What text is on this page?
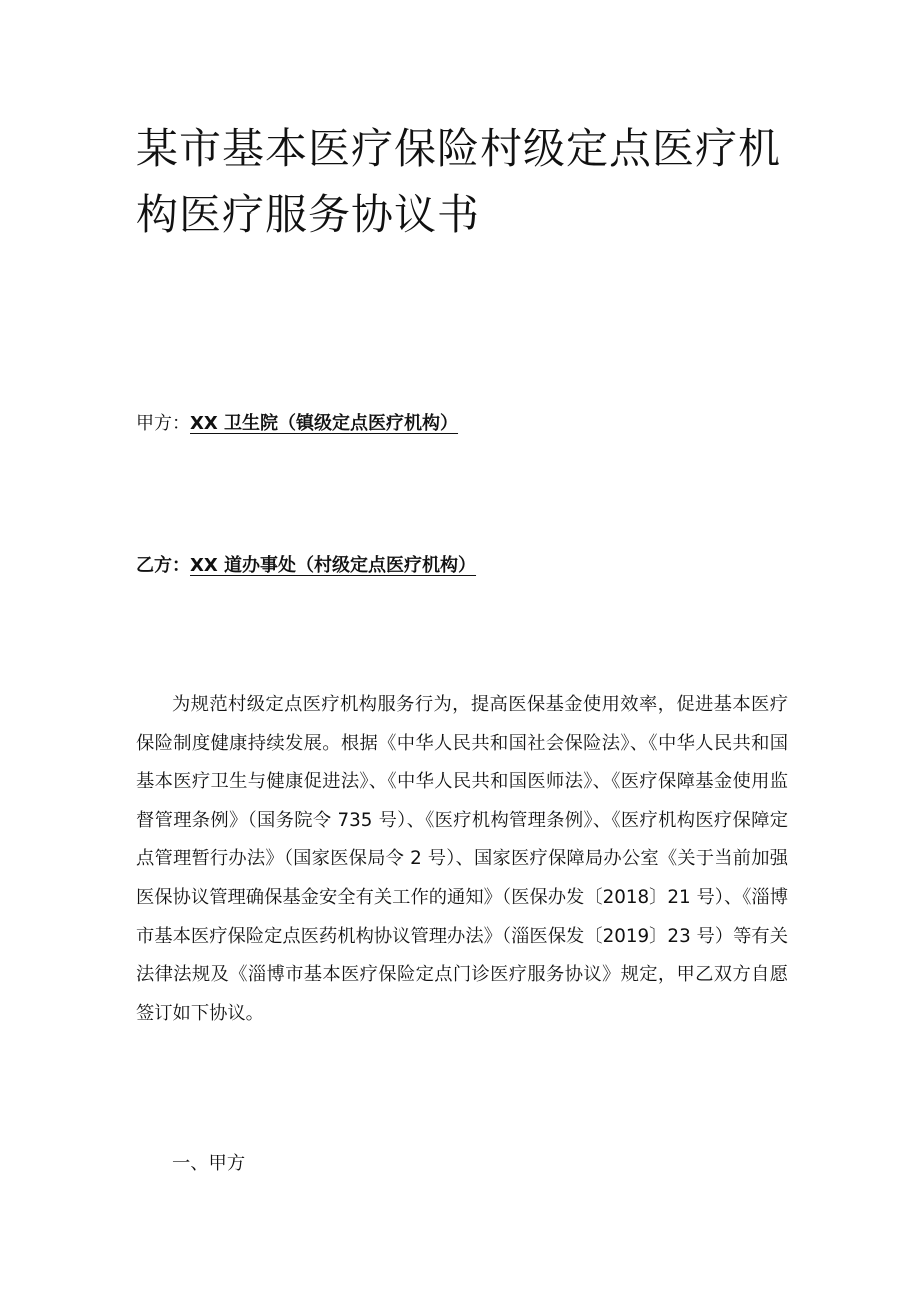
某市基本医疗保险村级定点医疗机构医疗服务协议书
甲方：XX 卫生院（镇级定点医疗机构）
乙方：XX 道办事处（村级定点医疗机构）

为规范村级定点医疗机构服务行为，提高医保基金使用效率，促进基本医疗保险制度健康持续发展。根据《中华人民共和国社会保险法》、《中华人民共和国基本医疗卫生与健康促进法》、《中华人民共和国医师法》、《医疗保障基金使用监督管理条例》（国务院令 735 号）、《医疗机构管理条例》、《医疗机构医疗保障定点管理暂行办法》（国家医保局令 2 号）、国家医疗保障局办公室《关于当前加强医保协议管理确保基金安全有关工作的通知》（医保办发〔2018〕21 号）、《淄博市基本医疗保险定点医药机构协议管理办法》（淄医保发〔2019〕23 号）等有关法律法规及《淄博市基本医疗保险定点门诊医疗服务协议》规定，甲乙双方自愿签订如下协议。

一、甲方
